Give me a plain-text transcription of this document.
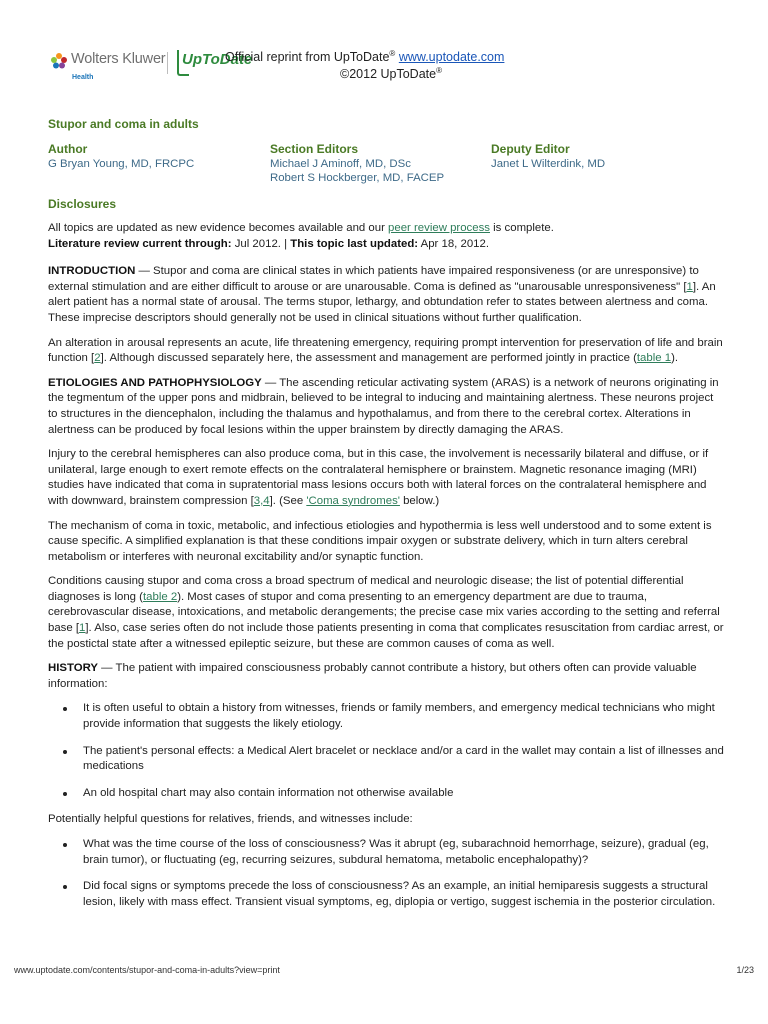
Wolters Kluwer
Health
UpToDate
Official reprint from UpToDate® www.uptodate.com
©2012 UpToDate®
Stupor and coma in adults
Author
G Bryan Young, MD, FRCPC
Section Editors
Michael J Aminoff, MD, DSc
Robert S Hockberger, MD, FACEP
Deputy Editor
Janet L Wilterdink, MD
Disclosures

All topics are updated as new evidence becomes available and our peer review process is complete.
Literature review current through: Jul 2012. | This topic last updated: Apr 18, 2012.

INTRODUCTION — Stupor and coma are clinical states in which patients have impaired responsiveness (or are unresponsive) to external stimulation and are either difficult to arouse or are unarousable. Coma is defined as "unarousable unresponsiveness" [1]. An alert patient has a normal state of arousal. The terms stupor, lethargy, and obtundation refer to states between alertness and coma. These imprecise descriptors should generally not be used in clinical situations without further qualification.

An alteration in arousal represents an acute, life threatening emergency, requiring prompt intervention for preservation of life and brain function [2]. Although discussed separately here, the assessment and management are performed jointly in practice (table 1).

ETIOLOGIES AND PATHOPHYSIOLOGY — The ascending reticular activating system (ARAS) is a network of neurons originating in the tegmentum of the upper pons and midbrain, believed to be integral to inducing and maintaining alertness. These neurons project to structures in the diencephalon, including the thalamus and hypothalamus, and from there to the cerebral cortex. Alterations in alertness can be produced by focal lesions within the upper brainstem by directly damaging the ARAS.

Injury to the cerebral hemispheres can also produce coma, but in this case, the involvement is necessarily bilateral and diffuse, or if unilateral, large enough to exert remote effects on the contralateral hemisphere or brainstem. Magnetic resonance imaging (MRI) studies have indicated that coma in supratentorial mass lesions occurs both with lateral forces on the contralateral hemisphere and with downward, brainstem compression [3,4]. (See 'Coma syndromes' below.)

The mechanism of coma in toxic, metabolic, and infectious etiologies and hypothermia is less well understood and to some extent is cause specific. A simplified explanation is that these conditions impair oxygen or substrate delivery, which in turn alters cerebral metabolism or interferes with neuronal excitability and/or synaptic function.

Conditions causing stupor and coma cross a broad spectrum of medical and neurologic disease; the list of potential differential diagnoses is long (table 2). Most cases of stupor and coma presenting to an emergency department are due to trauma, cerebrovascular disease, intoxications, and metabolic derangements; the precise case mix varies according to the setting and referral base [1]. Also, case series often do not include those patients presenting in coma that complicates resuscitation from cardiac arrest, or the postictal state after a witnessed epileptic seizure, but these are common causes of coma as well.

HISTORY — The patient with impaired consciousness probably cannot contribute a history, but others often can provide valuable information:

It is often useful to obtain a history from witnesses, friends or family members, and emergency medical technicians who might provide information that suggests the likely etiology.
The patient's personal effects: a Medical Alert bracelet or necklace and/or a card in the wallet may contain a list of illnesses and medications
An old hospital chart may also contain information not otherwise available

Potentially helpful questions for relatives, friends, and witnesses include:

What was the time course of the loss of consciousness? Was it abrupt (eg, subarachnoid hemorrhage, seizure), gradual (eg, brain tumor), or fluctuating (eg, recurring seizures, subdural hematoma, metabolic encephalopathy)?
Did focal signs or symptoms precede the loss of consciousness? As an example, an initial hemiparesis suggests a structural lesion, likely with mass effect. Transient visual symptoms, eg, diplopia or vertigo, suggest ischemia in the posterior circulation.
www.uptodate.com/contents/stupor-and-coma-in-adults?view=print	1/23
